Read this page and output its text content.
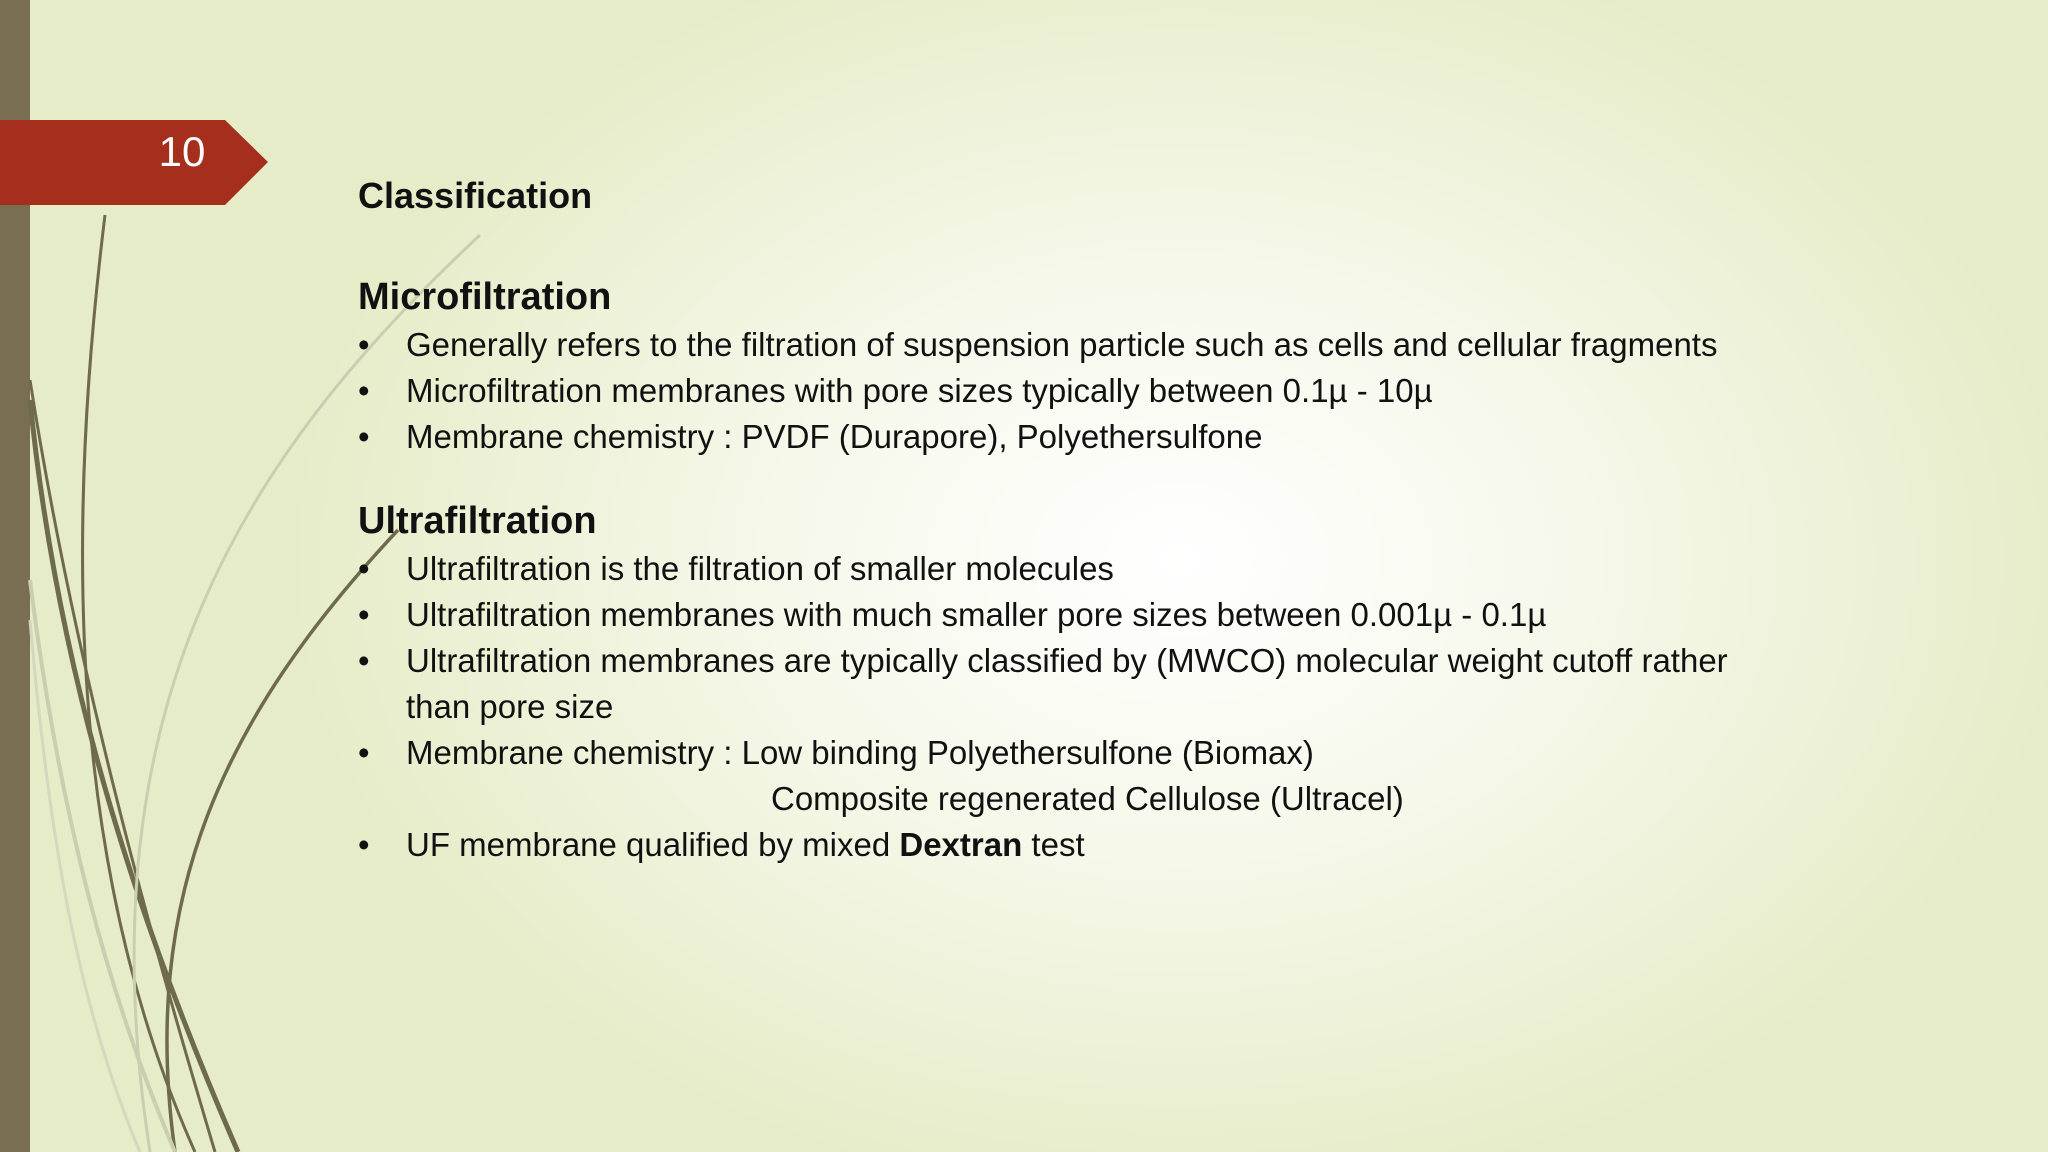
10
Classification
Microfiltration
• Generally refers to the filtration of suspension particle such as cells and cellular fragments
• Microfiltration membranes with pore sizes typically between 0.1µ - 10µ
• Membrane chemistry : PVDF (Durapore), Polyethersulfone
Ultrafiltration
• Ultrafiltration is the filtration of smaller molecules
• Ultrafiltration membranes with much smaller pore sizes between 0.001µ - 0.1µ
• Ultrafiltration membranes are typically classified by (MWCO) molecular weight cutoff rather than pore size
• Membrane chemistry : Low binding Polyethersulfone (Biomax)
Composite regenerated Cellulose (Ultracel)
• UF membrane qualified by mixed Dextran test
